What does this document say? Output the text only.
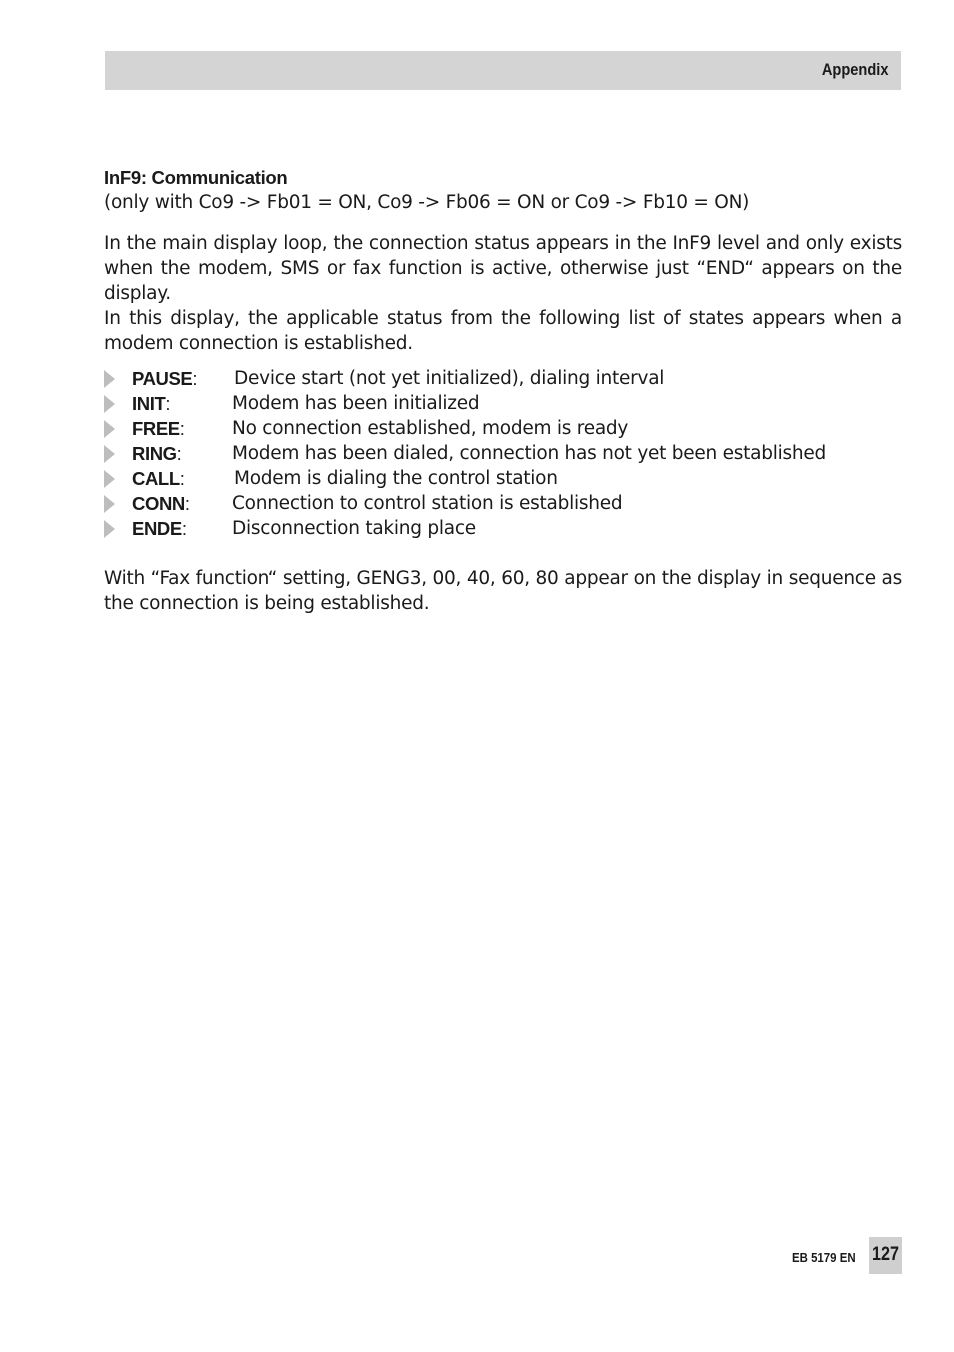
Appendix

InF9: Communication

(only with Co9 -> Fb01 = ON, Co9 -> Fb06 = ON or Co9 -> Fb10 = ON)

In the main display loop, the connection status appears in the InF9 level and only exists when the modem, SMS or fax function is active, otherwise just “END“ appears on the display.

In this display, the applicable status from the following list of states appears when a modem connection is established.

PAUSE: Device start (not yet initialized), dialing interval
INIT:	Modem has been initialized
FREE:	No connection established, modem is ready
RING:	Modem has been dialed, connection has not yet been established
CALL:	Modem is dialing the control station
CONN: Connection to control station is established
ENDE: Disconnection taking place

With “Fax function“ setting, GENG3, 00, 40, 60, 80 appear on the display in sequence as the connection is being established.

EB 5179 EN 127
